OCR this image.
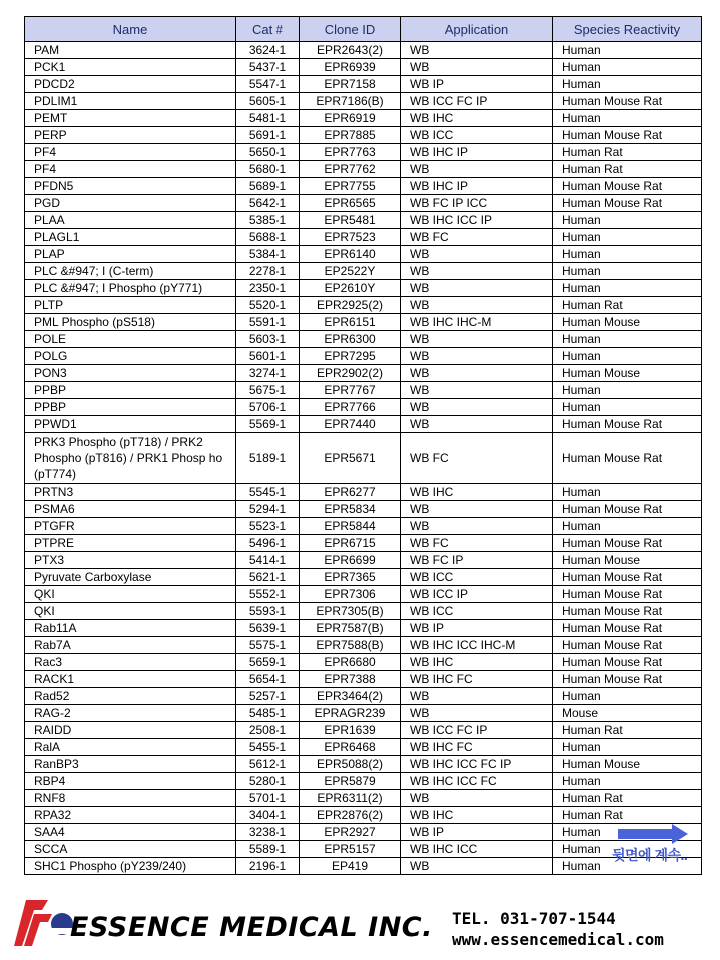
Name	Cat #	Clone ID	Application	Species Reactivity
PAM	3624-1	EPR2643(2)	WB	Human
PCK1	5437-1	EPR6939	WB	Human
PDCD2	5547-1	EPR7158	WB IP	Human
PDLIM1	5605-1	EPR7186(B)	WB ICC FC IP	Human Mouse Rat
PEMT	5481-1	EPR6919	WB IHC	Human
PERP	5691-1	EPR7885	WB ICC	Human Mouse Rat
PF4	5650-1	EPR7763	WB IHC IP	Human Rat
PF4	5680-1	EPR7762	WB	Human Rat
PFDN5	5689-1	EPR7755	WB IHC IP	Human Mouse Rat
PGD	5642-1	EPR6565	WB FC IP ICC	Human Mouse Rat
PLAA	5385-1	EPR5481	WB IHC ICC IP	Human
PLAGL1	5688-1	EPR7523	WB FC	Human
PLAP	5384-1	EPR6140	WB	Human
PLC &#947; I (C-term)	2278-1	EP2522Y	WB	Human
PLC &#947; I Phospho (pY771)	2350-1	EP2610Y	WB	Human
PLTP	5520-1	EPR2925(2)	WB	Human Rat
PML Phospho (pS518)	5591-1	EPR6151	WB IHC IHC-M	Human Mouse
POLE	5603-1	EPR6300	WB	Human
POLG	5601-1	EPR7295	WB	Human
PON3	3274-1	EPR2902(2)	WB	Human Mouse
PPBP	5675-1	EPR7767	WB	Human
PPBP	5706-1	EPR7766	WB	Human
PPWD1	5569-1	EPR7440	WB	Human Mouse Rat
PRK3 Phospho (pT718) / PRK2 Phospho (pT816) / PRK1 Phosp ho (pT774)	5189-1	EPR5671	WB FC	Human Mouse Rat
PRTN3	5545-1	EPR6277	WB IHC	Human
PSMA6	5294-1	EPR5834	WB	Human Mouse Rat
PTGFR	5523-1	EPR5844	WB	Human
PTPRE	5496-1	EPR6715	WB FC	Human Mouse Rat
PTX3	5414-1	EPR6699	WB FC IP	Human Mouse
Pyruvate Carboxylase	5621-1	EPR7365	WB ICC	Human Mouse Rat
QKI	5552-1	EPR7306	WB ICC IP	Human Mouse Rat
QKI	5593-1	EPR7305(B)	WB ICC	Human Mouse Rat
Rab11A	5639-1	EPR7587(B)	WB IP	Human Mouse Rat
Rab7A	5575-1	EPR7588(B)	WB IHC ICC IHC-M	Human Mouse Rat
Rac3	5659-1	EPR6680	WB IHC	Human Mouse Rat
RACK1	5654-1	EPR7388	WB IHC FC	Human Mouse Rat
Rad52	5257-1	EPR3464(2)	WB	Human
RAG-2	5485-1	EPRAGR239	WB	Mouse
RAIDD	2508-1	EPR1639	WB ICC FC IP	Human Rat
RalA	5455-1	EPR6468	WB IHC FC	Human
RanBP3	5612-1	EPR5088(2)	WB IHC ICC FC IP	Human Mouse
RBP4	5280-1	EPR5879	WB IHC ICC FC	Human
RNF8	5701-1	EPR6311(2)	WB	Human Rat
RPA32	3404-1	EPR2876(2)	WB IHC	Human Rat
SAA4	3238-1	EPR2927	WB IP	Human
SCCA	5589-1	EPR5157	WB IHC ICC	Human
SHC1 Phospho (pY239/240)	2196-1	EP419	WB	Human
뒷면에 계속..
ESSENCE MEDICAL INC. TEL. 031-707-1544
www.essencemedical.com
